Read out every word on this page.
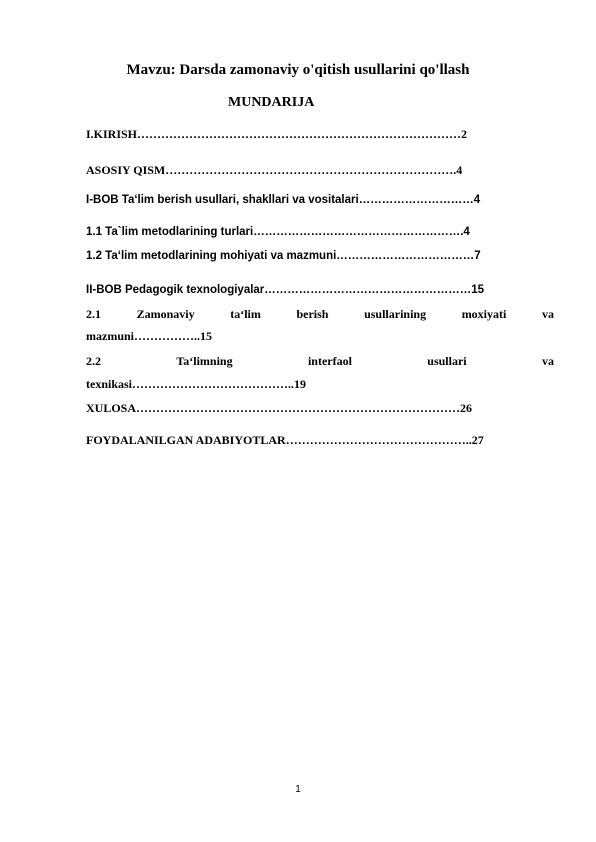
Mavzu: Darsda zamonaviy o'qitish usullarini qo'llash
MUNDARIJA
I.KIRISH………………………………………………………………………2
ASOSIY QISM……………………………………………………………….4
I-BOB Ta‘lim berish usullari, shakllari va vositalari…………………………4
1.1 Ta`lim metodlarining turlari……………………………………………….4
1.2 Ta‘lim metodlarining mohiyati va mazmuni………………………………7
II-BOB Pedagogik texnologiyalar………………………………………………15
2.1	Zamonaviy	ta‘lim	berish	usullarining	moxiyati	va
mazmuni……………..15
2.2	Ta‘limning	interfaol	usullari	va
texnikasi…………………………………..19
XULOSA………………………………………………………………………26
FOYDALANILGAN ADABIYOTLAR………………………………………..27
1
